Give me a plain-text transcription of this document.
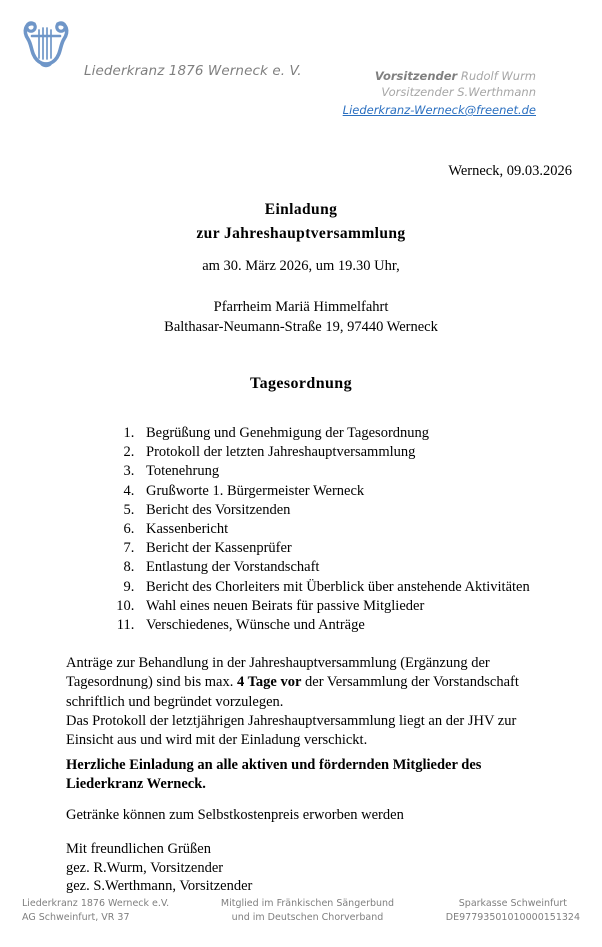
Liederkranz 1876 Werneck e. V.	Vorsitzender Rudolf Wurm
Vorsitzender S.Werthmann
Liederkranz-Werneck@freenet.de
Werneck, 09.03.2026
Einladung
zur Jahreshauptversammlung
am 30. März 2026, um 19.30 Uhr,
Pfarrheim Mariä Himmelfahrt
Balthasar-Neumann-Straße 19, 97440 Werneck
Tagesordnung
1. Begrüßung und Genehmigung der Tagesordnung
2. Protokoll der letzten Jahreshauptversammlung
3. Totenehrung
4. Grußworte 1. Bürgermeister Werneck
5. Bericht des Vorsitzenden
6. Kassenbericht
7. Bericht der Kassenprüfer
8. Entlastung der Vorstandschaft
9. Bericht des Chorleiters mit Überblick über anstehende Aktivitäten
10. Wahl eines neuen Beirats für passive Mitglieder
11. Verschiedenes, Wünsche und Anträge
Anträge zur Behandlung in der Jahreshauptversammlung (Ergänzung der Tagesordnung) sind bis max. 4 Tage vor der Versammlung der Vorstandschaft schriftlich und begründet vorzulegen.
Das Protokoll der letztjährigen Jahreshauptversammlung liegt an der JHV zur Einsicht aus und wird mit der Einladung verschickt.
Herzliche Einladung an alle aktiven und fördernden Mitglieder des Liederkranz Werneck.
Getränke können zum Selbstkostenpreis erworben werden
Mit freundlichen Grüßen
gez. R.Wurm, Vorsitzender
gez. S.Werthmann, Vorsitzender
Liederkranz 1876 Werneck e.V.
AG Schweinfurt, VR 37
Mitglied im Fränkischen Sängerbund
und im Deutschen Chorverband
Sparkasse Schweinfurt
DE97793501010000151324
